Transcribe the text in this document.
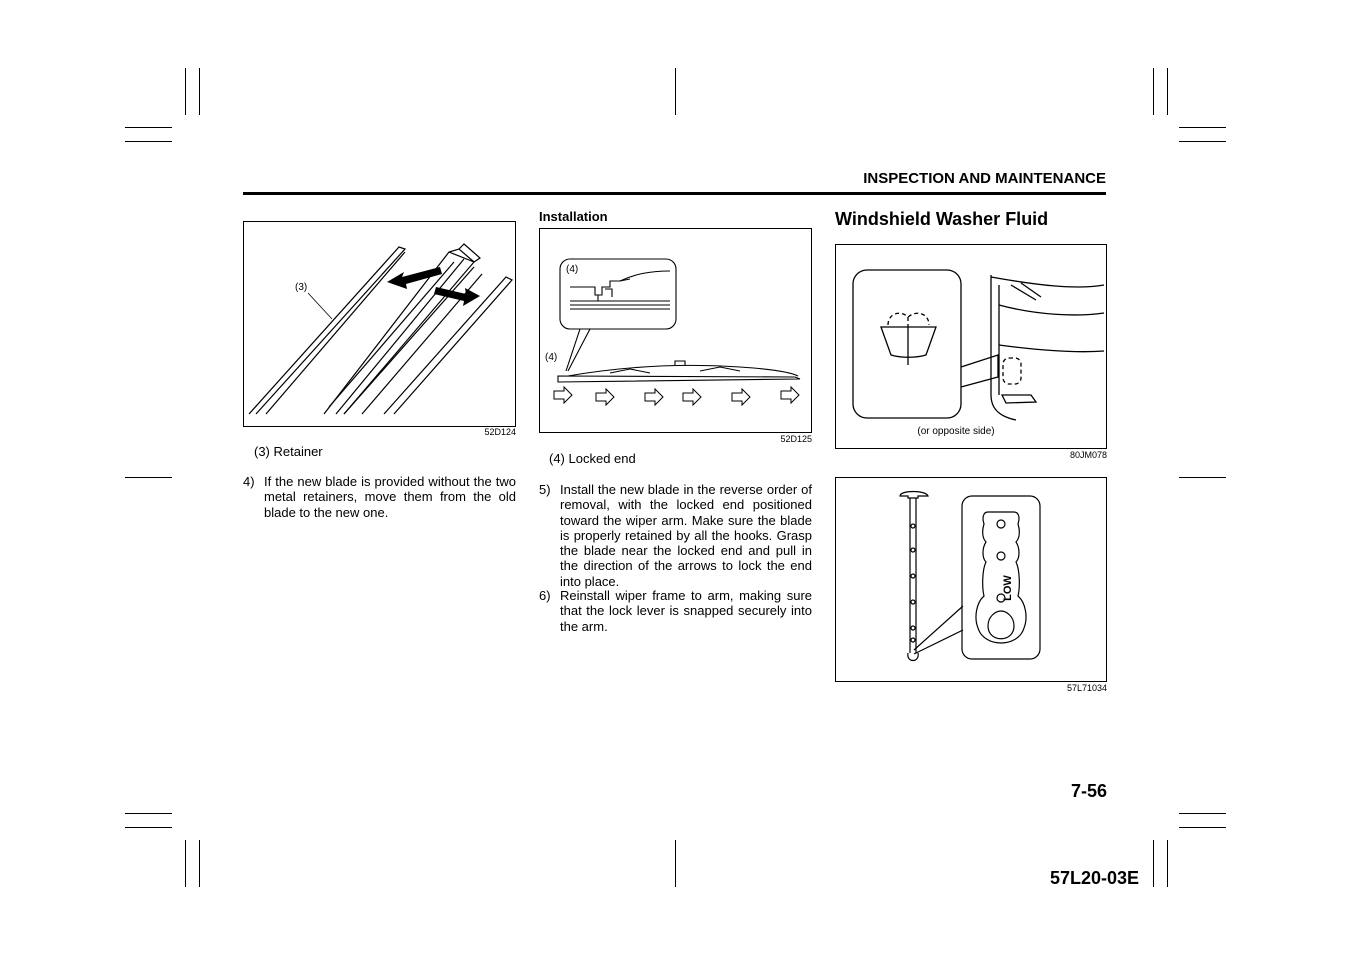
INSPECTION AND MAINTENANCE
(3)
52D124
(3) Retainer
4) If the new blade is provided without the two metal retainers, move them from the old blade to the new one.
Installation
(4)
(4)
52D125
(4) Locked end
5) Install the new blade in the reverse order of removal, with the locked end positioned toward the wiper arm. Make sure the blade is properly retained by all the hooks. Grasp the blade near the locked end and pull in the direction of the arrows to lock the end into place.
6) Reinstall wiper frame to arm, making sure that the lock lever is snapped securely into the arm.
Windshield Washer Fluid
(or opposite side)
80JM078
LOW
57L71034
7-56
57L20-03E
